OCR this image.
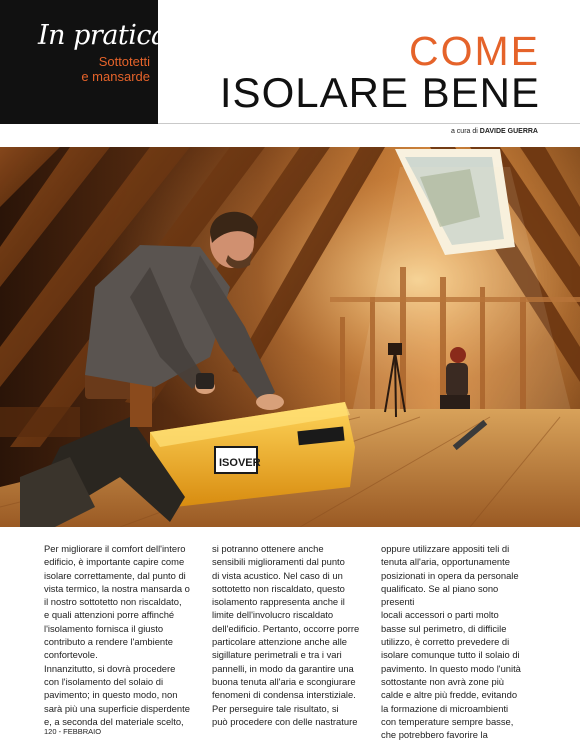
In pratica
Sottotetti
e mansarde
COME
ISOLARE BENE
a cura di DAVIDE GUERRA
ISOVER

Per migliorare il comfort dell'intero

edificio, è importante capire come

isolare correttamente, dal punto di

vista termico, la nostra mansarda o

il nostro sottotetto non riscaldato,

e quali attenzioni porre affinché

l'isolamento fornisca il giusto

contributo a rendere l'ambiente

confortevole.

Innanzitutto, si dovrà procedere

con l'isolamento del solaio di

pavimento; in questo modo, non

sarà più una superficie disperdente

e, a seconda del materiale scelto,

si potranno ottenere anche

sensibili miglioramenti dal punto

di vista acustico. Nel caso di un

sottotetto non riscaldato, questo

isolamento rappresenta anche il

limite dell'involucro riscaldato

dell'edificio. Pertanto, occorre porre

particolare attenzione anche alle

sigillature perimetrali e tra i vari

pannelli, in modo da garantire una

buona tenuta all'aria e scongiurare

fenomeni di condensa interstiziale.

Per perseguire tale risultato, si

può procedere con delle nastrature

oppure utilizzare appositi teli di

tenuta all'aria, opportunamente

posizionati in opera da personale

qualificato. Se al piano sono presenti

locali accessori o parti molto

basse sul perimetro, di difficile

utilizzo, è corretto prevedere di

isolare comunque tutto il solaio di

pavimento. In questo modo l'unità

sottostante non avrà zone più

calde e altre più fredde, evitando

la formazione di microambienti

con temperature sempre basse,

che potrebbero favorire la

120 - FEBBRAIO
